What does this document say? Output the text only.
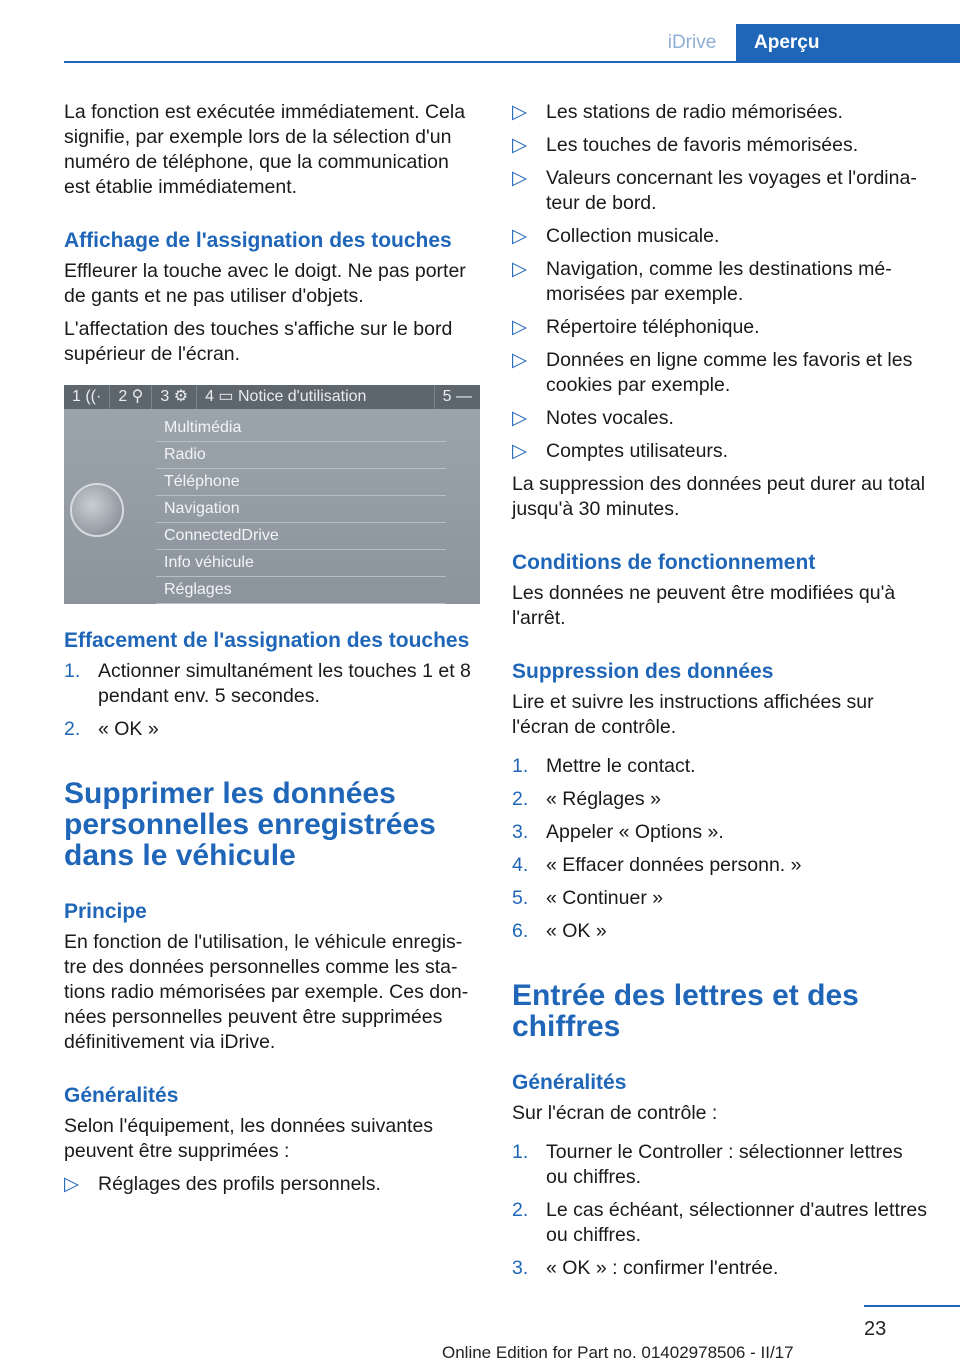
iDrive	Aperçu

La fonction est exécutée immédiatement. Cela signifie, par exemple lors de la sélection d'un numéro de téléphone, que la communication est établie immédiatement.

Affichage de l'assignation des touches

Effleurer la touche avec le doigt. Ne pas porter de gants et ne pas utiliser d'objets.

L'affectation des touches s'affiche sur le bord supérieur de l'écran.

1 ((·	2 ⚲	3 ⚙	4 ▭ Notice d'utilisation	5 —
Multimédia
Radio
Téléphone
Navigation
ConnectedDrive
Info véhicule
Réglages
Effacement de l'assignation des touches
1. Actionner simultanément les touches 1 et 8 pendant env. 5 secondes.
2. « OK »
Supprimer les données personnelles enregistrées dans le véhicule
Principe

En fonction de l'utilisation, le véhicule enregistre des données personnelles comme les stations radio mémorisées par exemple. Ces données personnelles peuvent être supprimées définitivement via iDrive.

Généralités

Selon l'équipement, les données suivantes peuvent être supprimées :

▷ Réglages des profils personnels.
▷ Les stations de radio mémorisées.
▷ Les touches de favoris mémorisées.
▷ Valeurs concernant les voyages et l'ordinateur de bord.
▷ Collection musicale.
▷ Navigation, comme les destinations mémorisées par exemple.
▷ Répertoire téléphonique.
▷ Données en ligne comme les favoris et les cookies par exemple.
▷ Notes vocales.
▷ Comptes utilisateurs.

La suppression des données peut durer au total jusqu'à 30 minutes.

Conditions de fonctionnement

Les données ne peuvent être modifiées qu'à l'arrêt.

Suppression des données

Lire et suivre les instructions affichées sur l'écran de contrôle.

1. Mettre le contact.
2. « Réglages »
3. Appeler « Options ».
4. « Effacer données personn. »
5. « Continuer »
6. « OK »
Entrée des lettres et des chiffres
Généralités

Sur l'écran de contrôle :

1. Tourner le Controller : sélectionner lettres ou chiffres.
2. Le cas échéant, sélectionner d'autres lettres ou chiffres.
3. « OK » : confirmer l'entrée.
23
Online Edition for Part no. 01402978506 - II/17
